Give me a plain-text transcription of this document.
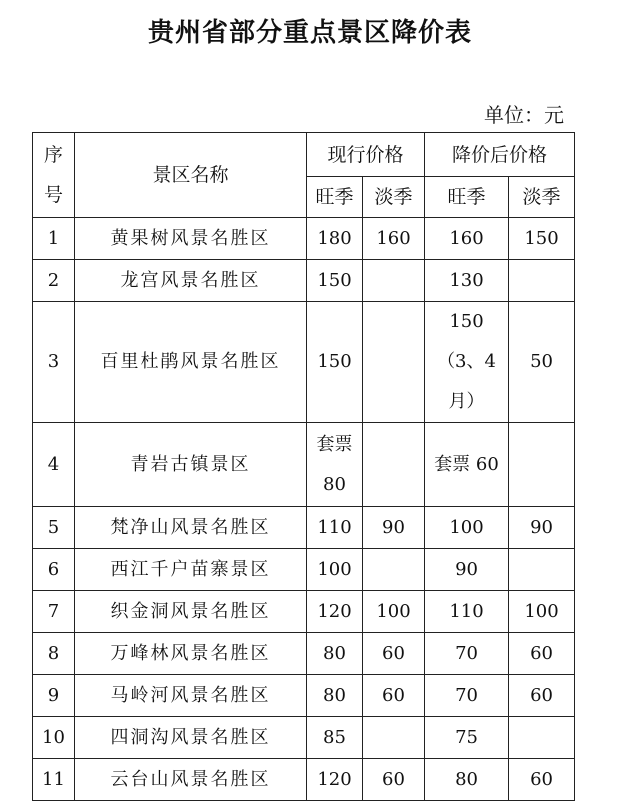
贵州省部分重点景区降价表
单位：元
序号	景区名称	现行价格		降价后价格	
		旺季	淡季	旺季	淡季
1	黄果树风景名胜区	180	160	160	150
2	龙宫风景名胜区	150		130	
3	百里杜鹃风景名胜区	150		150（3、4月）	50
4	青岩古镇景区	套票80		套票 60	
5	梵净山风景名胜区	110	90	100	90
6	西江千户苗寨景区	100		90	
7	织金洞风景名胜区	120	100	110	100
8	万峰林风景名胜区	80	60	70	60
9	马岭河风景名胜区	80	60	70	60
10	四洞沟风景名胜区	85		75	
11	云台山风景名胜区	120	60	80	60
